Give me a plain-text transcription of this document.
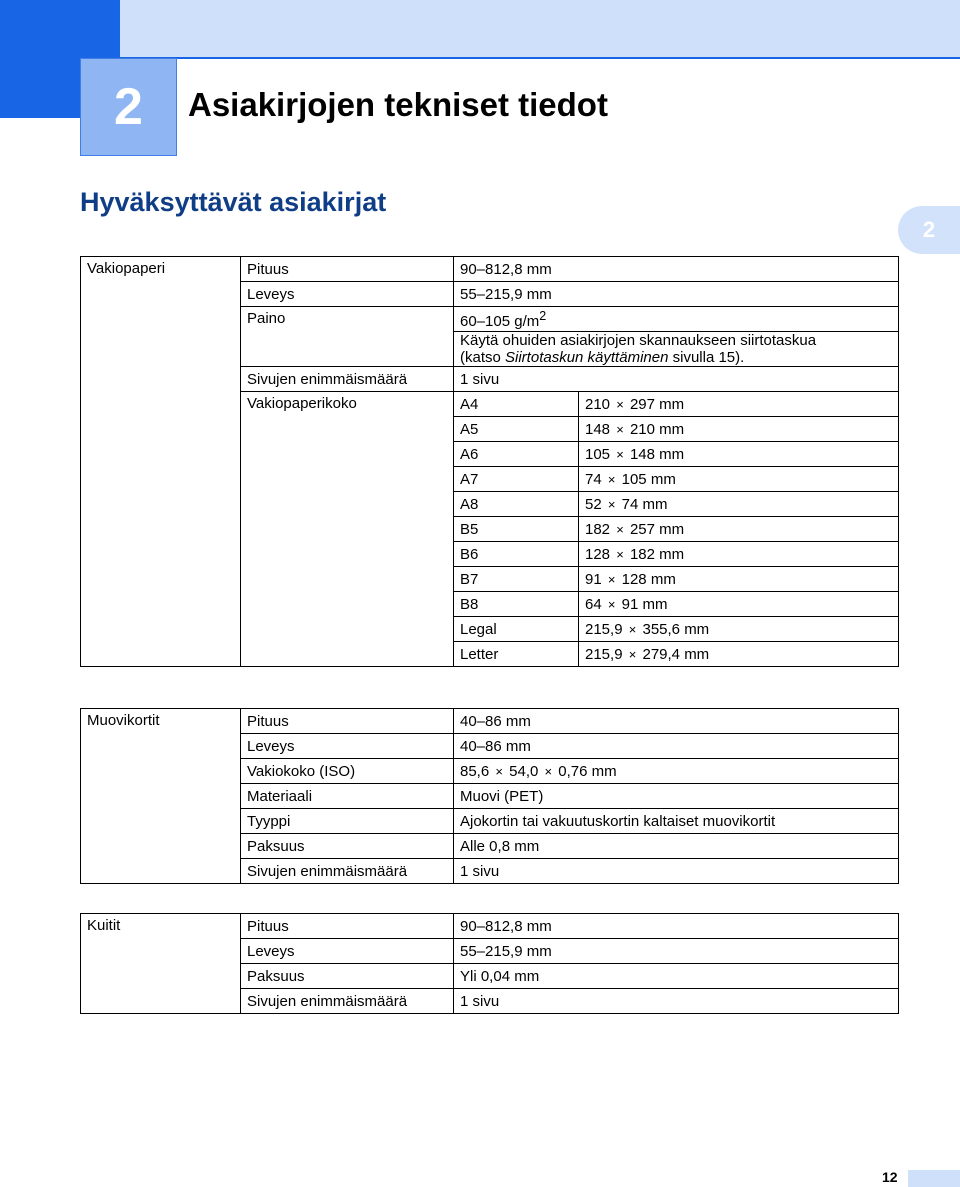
2	Asiakirjojen tekniset tiedot
Hyväksyttävät asiakirjat
2
Vakiopaperi	Pituus	90–812,8 mm	
	Leveys	55–215,9 mm	
	Paino	60–105 $g/m^2$
		Käytä ohuiden asiakirjojen skannaukseen siirtotaskua
(katso Siirtotaskun käyttäminen sivulla 15).	
	Sivujen enimmäismäärä	1 sivu	
	Vakiopaperikoko	A4	210 × 297 mm
		A5	148 × 210 mm
		A6	105 × 148 mm
		A7	74 × 105 mm
		A8	52 × 74 mm
		B5	182 × 257 mm
		B6	128 × 182 mm
		B7	91 × 128 mm
		B8	64 × 91 mm
		Legal	215,9 × 355,6 mm
		Letter	215,9 × 279,4 mm
Muovikortit	Pituus	40–86 mm
	Leveys	40–86 mm
	Vakiokoko (ISO)	85,6 × 54,0 × 0,76 mm
	Materiaali	Muovi (PET)
	Tyyppi	Ajokortin tai vakuutuskortin kaltaiset muovikortit
	Paksuus	Alle 0,8 mm
	Sivujen enimmäismäärä	1 sivu
Kuitit	Pituus	90–812,8 mm
	Leveys	55–215,9 mm
	Paksuus	Yli 0,04 mm
	Sivujen enimmäismäärä	1 sivu
12
